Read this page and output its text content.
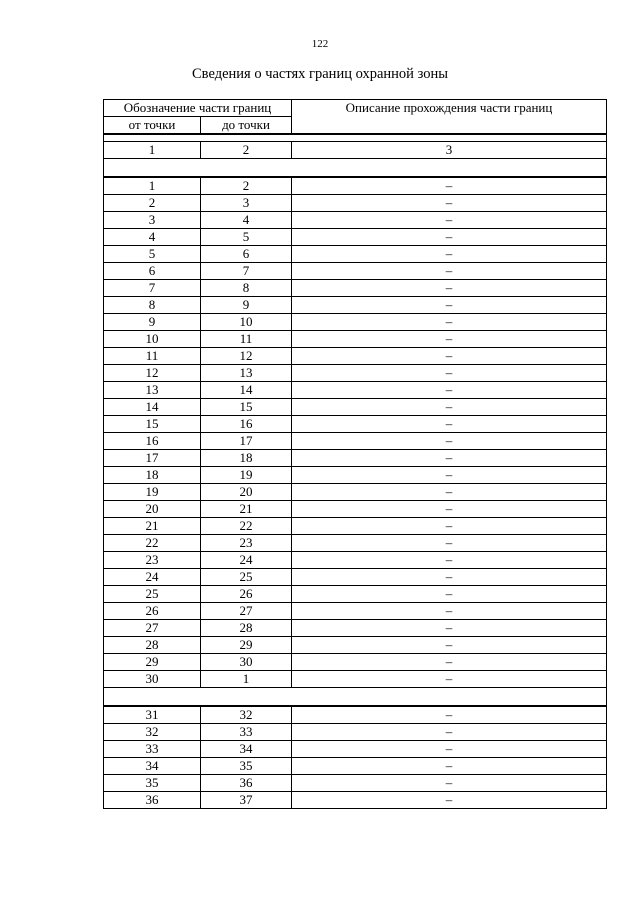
122
Сведения о частях границ охранной зоны
Обозначение части границ		Описание прохождения части границ
от точки	до точки	

1	2	3

1	2	–
2	3	–
3	4	–
4	5	–
5	6	–
6	7	–
7	8	–
8	9	–
9	10	–
10	11	–
11	12	–
12	13	–
13	14	–
14	15	–
15	16	–
16	17	–
17	18	–
18	19	–
19	20	–
20	21	–
21	22	–
22	23	–
23	24	–
24	25	–
25	26	–
26	27	–
27	28	–
28	29	–
29	30	–
30	1	–

31	32	–
32	33	–
33	34	–
34	35	–
35	36	–
36	37	–
